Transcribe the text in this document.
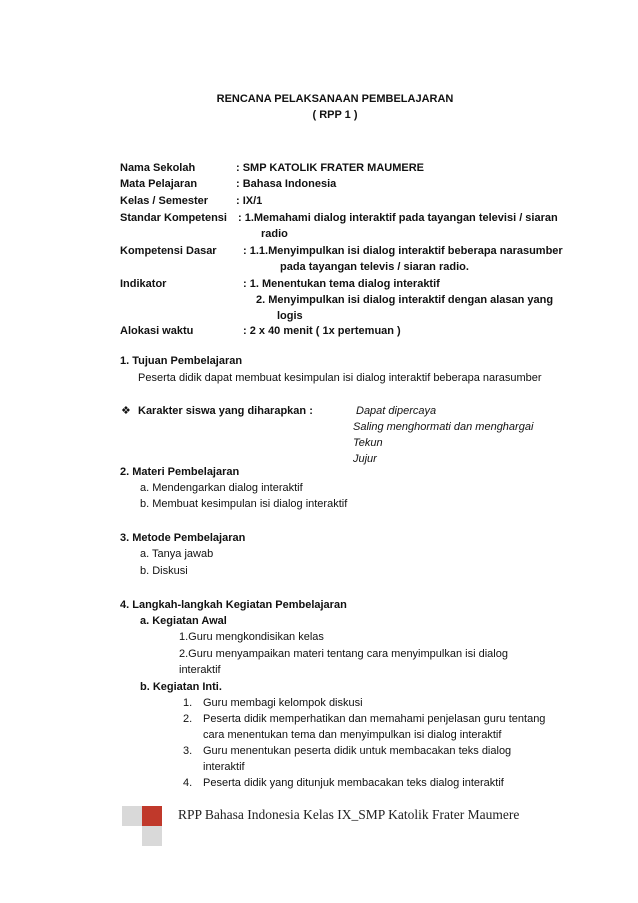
RENCANA PELAKSANAAN PEMBELAJARAN
( RPP 1 )
Nama Sekolah	: SMP KATOLIK FRATER MAUMERE
Mata Pelajaran	: Bahasa Indonesia
Kelas / Semester	: IX/1
Standar Kompetensi : 1.Memahami dialog interaktif pada tayangan televisi / siaran
radio
Kompetensi Dasar : 1.1.Menyimpulkan isi dialog interaktif beberapa narasumber
pada tayangan televis / siaran radio.
Indikator	: 1. Menentukan tema dialog interaktif
2. Menyimpulkan isi dialog interaktif dengan alasan yang
logis
Alokasi waktu	: 2 x 40 menit ( 1x pertemuan )
1. Tujuan Pembelajaran
Peserta didik dapat membuat kesimpulan isi dialog interaktif beberapa narasumber
❖ Karakter siswa yang diharapkan :	Dapat dipercaya
Saling menghormati dan menghargai
Tekun
Jujur
2. Materi Pembelajaran
a. Mendengarkan dialog interaktif
b. Membuat kesimpulan isi dialog interaktif
3. Metode Pembelajaran
a. Tanya jawab
b. Diskusi
4. Langkah-langkah Kegiatan Pembelajaran
a. Kegiatan Awal
1.Guru mengkondisikan kelas
2.Guru menyampaikan materi tentang cara menyimpulkan isi dialog
interaktif
b. Kegiatan Inti.
1. Guru membagi kelompok diskusi
2. Peserta didik memperhatikan dan memahami penjelasan guru tentang
cara menentukan tema dan menyimpulkan isi dialog interaktif
3. Guru menentukan peserta didik untuk membacakan teks dialog
interaktif
4. Peserta didik yang ditunjuk membacakan teks dialog interaktif
RPP Bahasa Indonesia Kelas IX_SMP Katolik Frater Maumere
